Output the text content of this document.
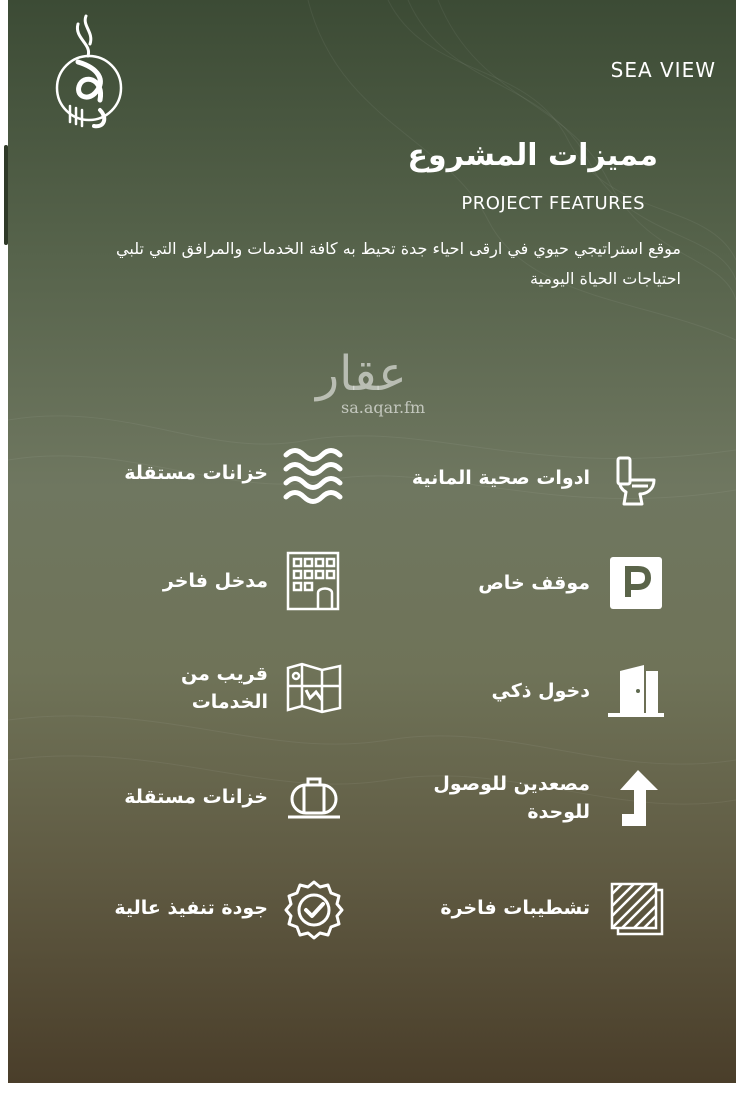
SEA VIEW
مميزات المشروع
PROJECT FEATURES
موقع استراتيجي حيوي في ارقى احياء جدة تحيط به كافة الخدمات والمرافق التي تلبي احتياجات الحياة اليومية
عقار
sa.aqar.fm
ادوات صحية المانية
موقف خاص
دخول ذكي
مصعدين للوصول للوحدة
تشطيبات فاخرة
خزانات مستقلة
مدخل فاخر
قريب من الخدمات
خزانات مستقلة
جودة تنفيذ عالية
